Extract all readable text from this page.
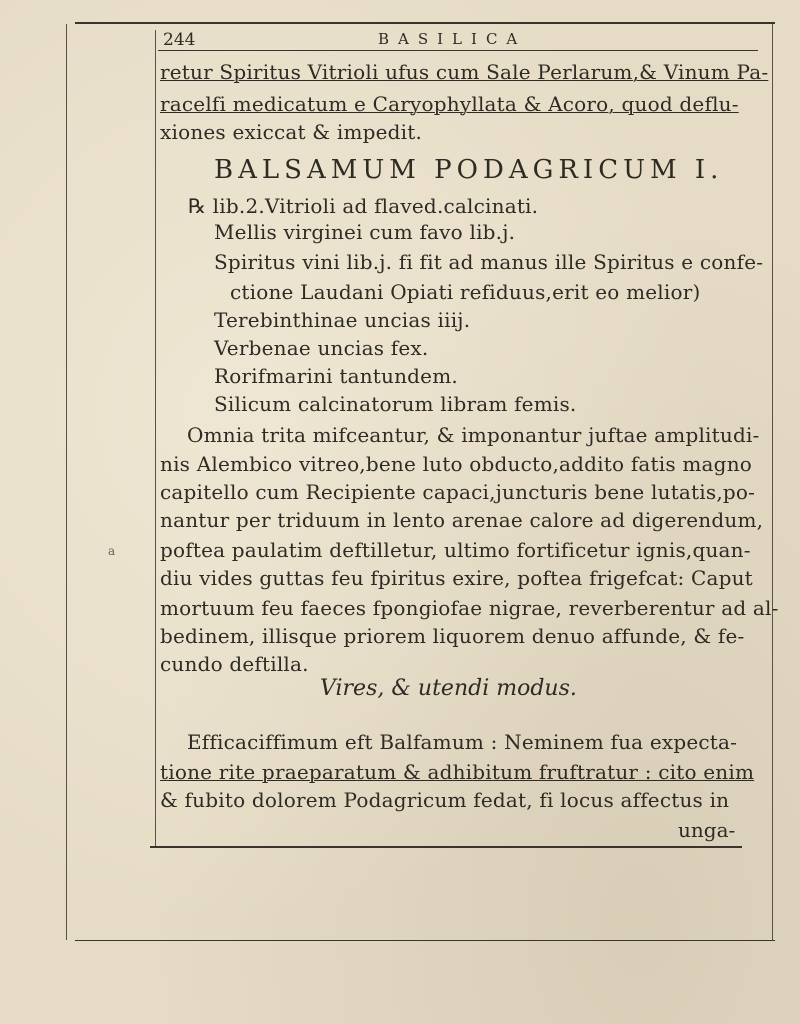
244	BASILICA
retur Spiritus Vitrioli ufus cum Sale Perlarum,& Vinum Pa-
racelfi medicatum e Caryophyllata & Acoro, quod deflu-
xiones exiccat & impedit.
BALSAMUM PODAGRICUM I.
℞ lib.2.Vitrioli ad flaved.calcinati.
Mellis virginei cum favo lib.j.
Spiritus vini lib.j. fi fit ad manus ille Spiritus e confe-
ctione Laudani Opiati refiduus,erit eo melior)
Terebinthinae uncias iiij.
Verbenae uncias fex.
Rorifmarini tantundem.
Silicum calcinatorum libram femis.
Omnia trita mifceantur, & imponantur juftae amplitudi-
nis Alembico vitreo,bene luto obducto,addito fatis magno
capitello cum Recipiente capaci,juncturis bene lutatis,po-
nantur per triduum in lento arenae calore ad digerendum,
poftea paulatim deftilletur, ultimo fortificetur ignis,quan-
diu vides guttas feu fpiritus exire, poftea frigefcat: Caput
mortuum feu faeces fpongiofae nigrae, reverberentur ad al-
bedinem, illisque priorem liquorem denuo affunde, & fe-
cundo deftilla.
Vires, & utendi modus.
Efficaciffimum eft Balfamum : Neminem fua expecta-
tione rite praeparatum & adhibitum fruftratur : cito enim
& fubito dolorem Podagricum fedat, fi locus affectus in
unga-
a
